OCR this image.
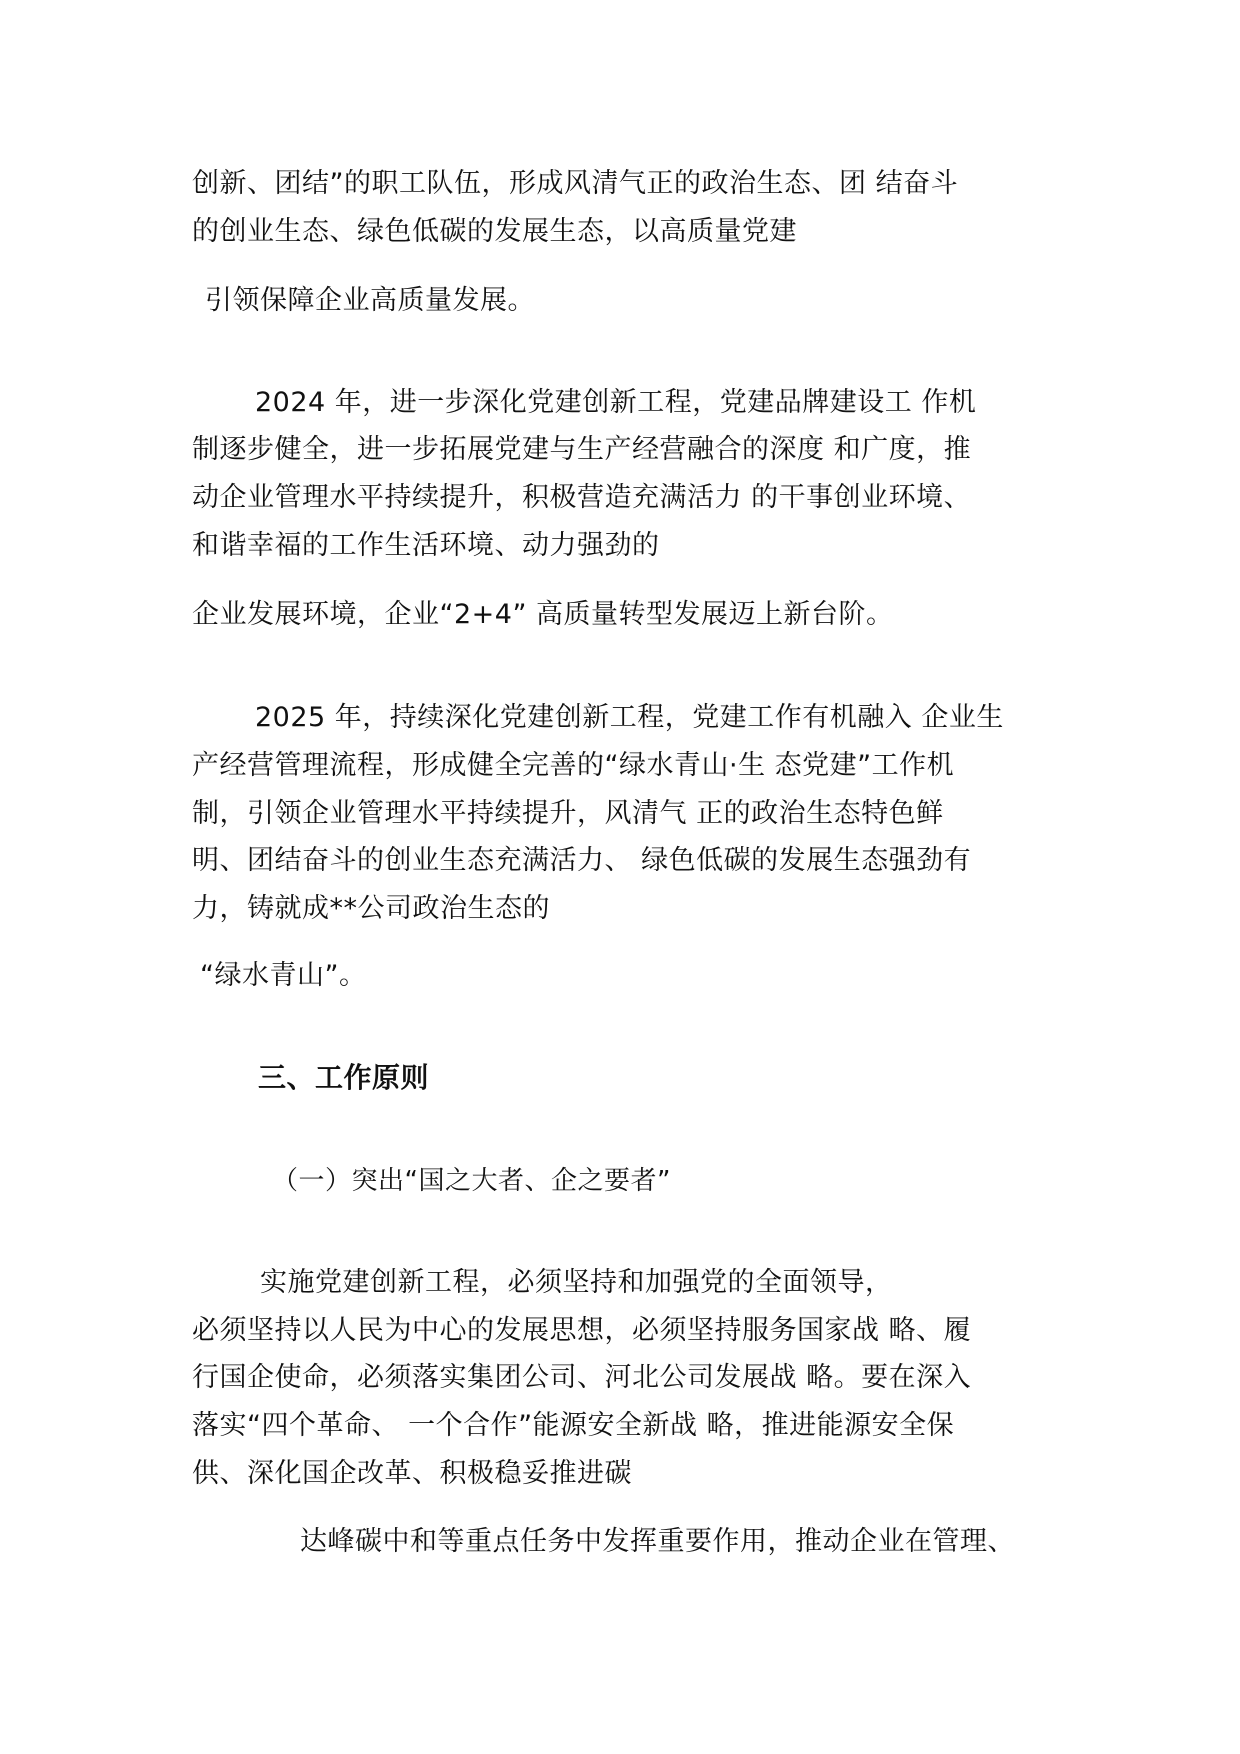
创新、团结”的职工队伍，形成风清气正的政治生态、团 结奋斗
的创业生态、绿色低碳的发展生态，以高质量党建
引领保障企业高质量发展。
2024 年，进一步深化党建创新工程，党建品牌建设工 作机
制逐步健全，进一步拓展党建与生产经营融合的深度 和广度，推
动企业管理水平持续提升，积极营造充满活力 的干事创业环境、
和谐幸福的工作生活环境、动力强劲的
企业发展环境，企业“2+4” 高质量转型发展迈上新台阶。
2025 年，持续深化党建创新工程，党建工作有机融入 企业生
产经营管理流程，形成健全完善的“绿水青山·生 态党建”工作机
制，引领企业管理水平持续提升，风清气 正的政治生态特色鲜
明、团结奋斗的创业生态充满活力、 绿色低碳的发展生态强劲有
力，铸就成**公司政治生态的
“绿水青山”。
三、工作原则
（一）突出“国之大者、企之要者”
实施党建创新工程，必须坚持和加强党的全面领导，
必须坚持以人民为中心的发展思想，必须坚持服务国家战 略、履
行国企使命，必须落实集团公司、河北公司发展战 略。要在深入
落实“四个革命、 一个合作”能源安全新战 略，推进能源安全保
供、深化国企改革、积极稳妥推进碳
达峰碳中和等重点任务中发挥重要作用，推动企业在管理、
